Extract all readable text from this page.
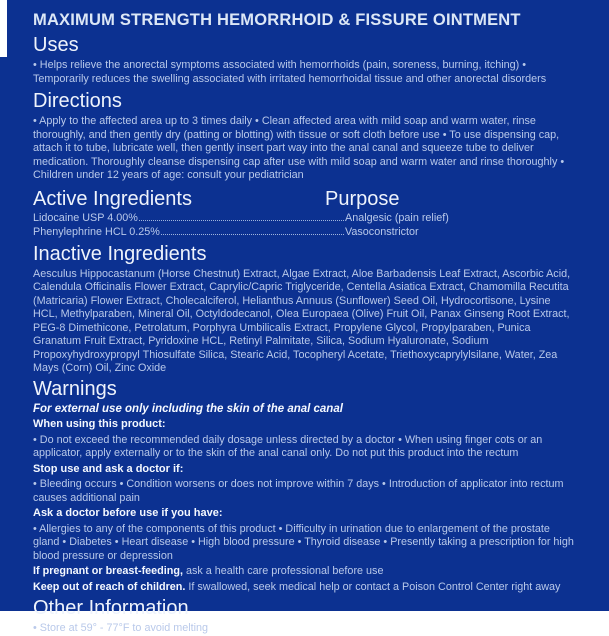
MAXIMUM STRENGTH HEMORRHOID & FISSURE OINTMENT
Uses

• Helps relieve the anorectal symptoms associated with hemorrhoids (pain, soreness, burning, itching) • Temporarily reduces the swelling associated with irritated hemorrhoidal tissue and other anorectal disorders

Directions

• Apply to the affected area up to 3 times daily • Clean affected area with mild soap and warm water, rinse thoroughly, and then gently dry (patting or blotting) with tissue or soft cloth before use • To use dispensing cap, attach it to tube, lubricate well, then gently insert part way into the anal canal and squeeze tube to deliver medication. Thoroughly cleanse dispensing cap after use with mild soap and warm water and rinse thoroughly • Children under 12 years of age: consult your pediatrician

Active Ingredients	Purpose
Lidocaine USP 4.00%	Analgesic (pain relief)
Phenylephrine HCL 0.25%	Vasoconstrictor
Inactive Ingredients

Aesculus Hippocastanum (Horse Chestnut) Extract, Algae Extract, Aloe Barbadensis Leaf Extract, Ascorbic Acid, Calendula Officinalis Flower Extract, Caprylic/Capric Triglyceride, Centella Asiatica Extract, Chamomilla Recutita (Matricaria) Flower Extract, Cholecalciferol, Helianthus Annuus (Sunflower) Seed Oil, Hydrocortisone, Lysine HCL, Methylparaben, Mineral Oil, Octyldodecanol, Olea Europaea (Olive) Fruit Oil, Panax Ginseng Root Extract, PEG-8 Dimethicone, Petrolatum, Porphyra Umbilicalis Extract, Propylene Glycol, Propylparaben, Punica Granatum Fruit Extract, Pyridoxine HCL, Retinyl Palmitate, Silica, Sodium Hyaluronate, Sodium Propoxyhydroxypropyl Thiosulfate Silica, Stearic Acid, Tocopheryl Acetate, Triethoxycaprylylsilane, Water, Zea Mays (Corn) Oil, Zinc Oxide

Warnings

For external use only including the skin of the anal canal

When using this product:

• Do not exceed the recommended daily dosage unless directed by a doctor • When using finger cots or an applicator, apply externally or to the skin of the anal canal only. Do not put this product into the rectum

Stop use and ask a doctor if:

• Bleeding occurs • Condition worsens or does not improve within 7 days • Introduction of applicator into rectum causes additional pain

Ask a doctor before use if you have:

• Allergies to any of the components of this product • Difficulty in urination due to enlargement of the prostate gland • Diabetes • Heart disease • High blood pressure • Thyroid disease • Presently taking a prescription for high blood pressure or depression

If pregnant or breast-feeding, ask a health care professional before use

Keep out of reach of children. If swallowed, seek medical help or contact a Poison Control Center right away

Other Information

• Store at 59° - 77°F to avoid melting
